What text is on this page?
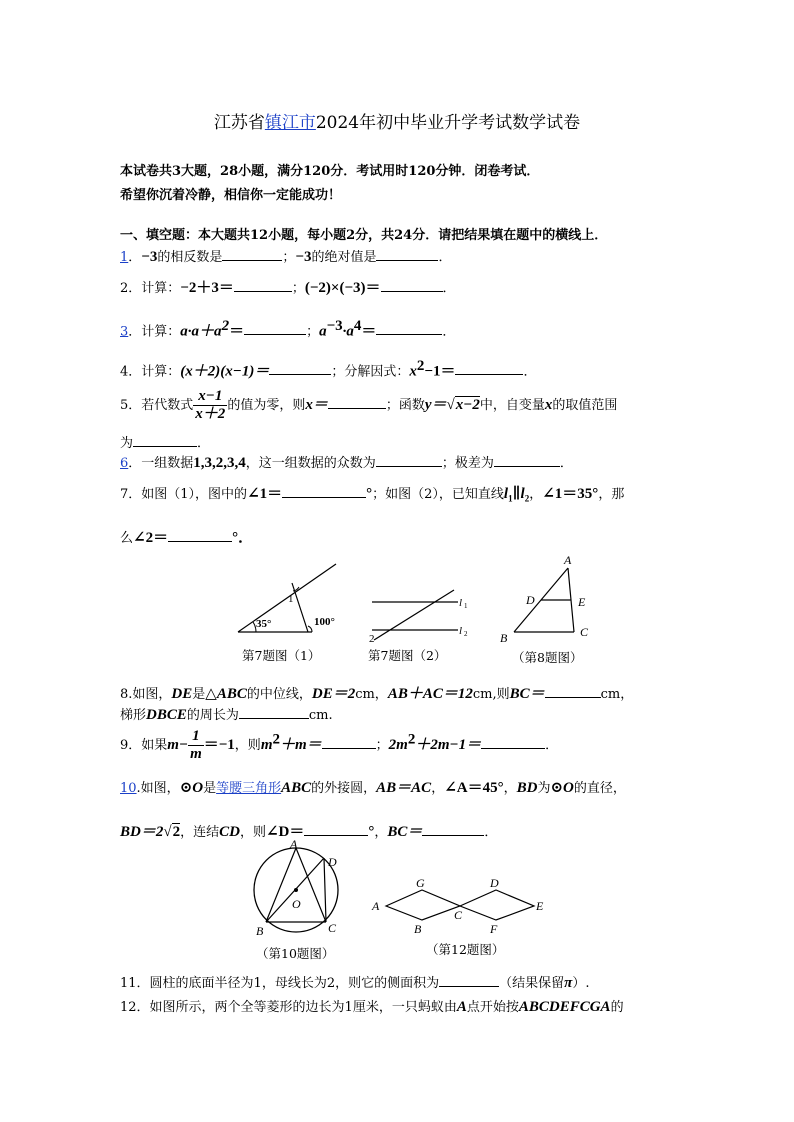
江苏省镇江市2024年初中毕业升学考试数学试卷
本试卷共3大题，28小题，满分120分．考试用时120分钟．闭卷考试．
希望你沉着冷静，相信你一定能成功！
一、填空题：本大题共12小题，每小题2分，共24分．请把结果填在题中的横线上．
1．−3的相反数是	；−3的绝对值是	．
2．计算：−2＋3＝	；(−2)×(−3)＝	．
3．计算：$a\cdot a+a^2=$	；$a^{-3}\cdot a^4=$	．
4．计算：(x＋2)(x−1)＝	；分解因式：$x^2-1=$	．
5．若代数式 $\frac{x-1}{x+2}$ 的值为零，则x＝	；函数y＝√x−2中，自变量x的取值范围
为	．
6．一组数据1,3,2,3,4，这一组数据的众数为	；极差为	．
7．如图（1），图中的∠1＝	°；如图（2），已知直线$l_1\parallel l_2$，∠1＝35°，那
么∠2＝	°．
35°
1
100°
第7题图（1）
l 1
l 2
2
第7题图（2）
A
D	E
B	C
（第8题图）
8.如图，DE是△ABC的中位线，DE＝2cm，AB＋AC＝12cm,则BC＝	cm，
梯形DBCE的周长为	cm.
9．如果$m- \frac{1}{m} =-1$，则$m^2+m=$	；$2m^2+2m-1=$	．
10.如图，⊙O是等腰三角形ABC的外接圆，AB＝AC，∠A＝45°，BD为⊙O的直径，
BD＝2√2，连结CD，则∠D＝	°，BC＝	．
A
D
O
B	C
（第10题图）
A
G
C
D
E
B	F
（第12题图）
11．圆柱的底面半径为1，母线长为2，则它的侧面积为	（结果保留π）.
12．如图所示，两个全等菱形的边长为1厘米，一只蚂蚁由A点开始按ABCDEFCGA的
